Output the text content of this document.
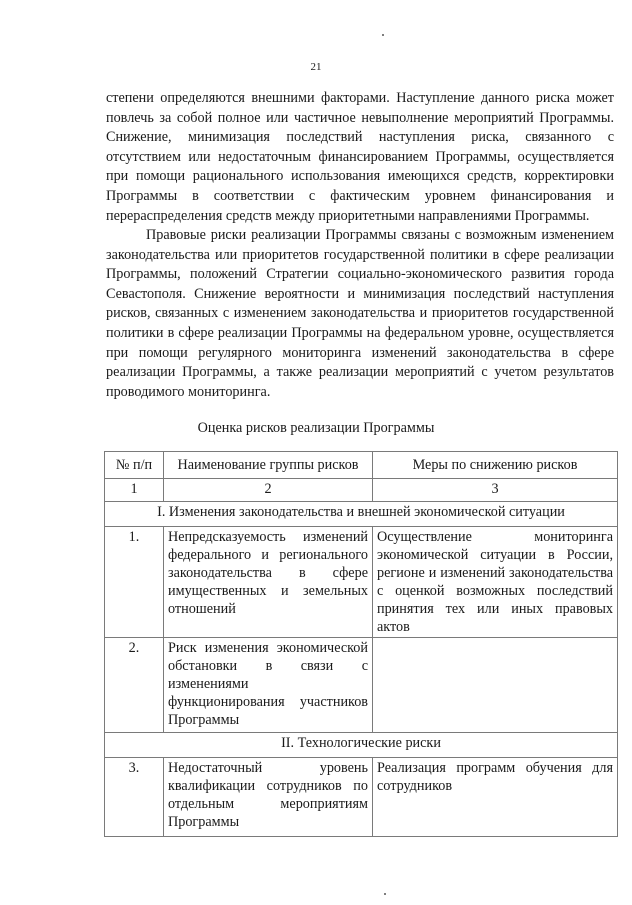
21

степени определяются внешними факторами. Наступление данного риска может повлечь за собой полное или частичное невыполнение мероприятий Программы. Снижение, минимизация последствий наступления риска, связанного с отсутствием или недостаточным финансированием Программы, осуществляется при помощи рационального использования имеющихся средств, корректировки Программы в соответствии с фактическим уровнем финансирования и перераспределения средств между приоритетными направлениями Программы.

Правовые риски реализации Программы связаны с возможным изменением законодательства или приоритетов государственной политики в сфере реализации Программы, положений Стратегии социально-экономического развития города Севастополя. Снижение вероятности и минимизация последствий наступления рисков, связанных с изменением законодательства и приоритетов государственной политики в сфере реализации Программы на федеральном уровне, осуществляется при помощи регулярного мониторинга изменений законодательства в сфере реализации Программы, а также реализации мероприятий с учетом результатов проводимого мониторинга.

Оценка рисков реализации Программы
№ п/п	Наименование группы рисков	Меры по снижению рисков
1	2	3
I. Изменения законодательства и внешней экономической ситуации		
1.	Непредсказуемость изменений федерального и регионального законодательства в сфере имущественных и земельных отношений	Осуществление мониторинга экономической ситуации в России, регионе и изменений законодательства с оценкой возможных последствий принятия тех или иных правовых актов
2.	Риск изменения экономической обстановки в связи с изменениями функционирования участников Программы	
II. Технологические риски		
3.	Недостаточный уровень квалификации сотрудников по отдельным мероприятиям Программы	Реализация программ обучения для сотрудников
